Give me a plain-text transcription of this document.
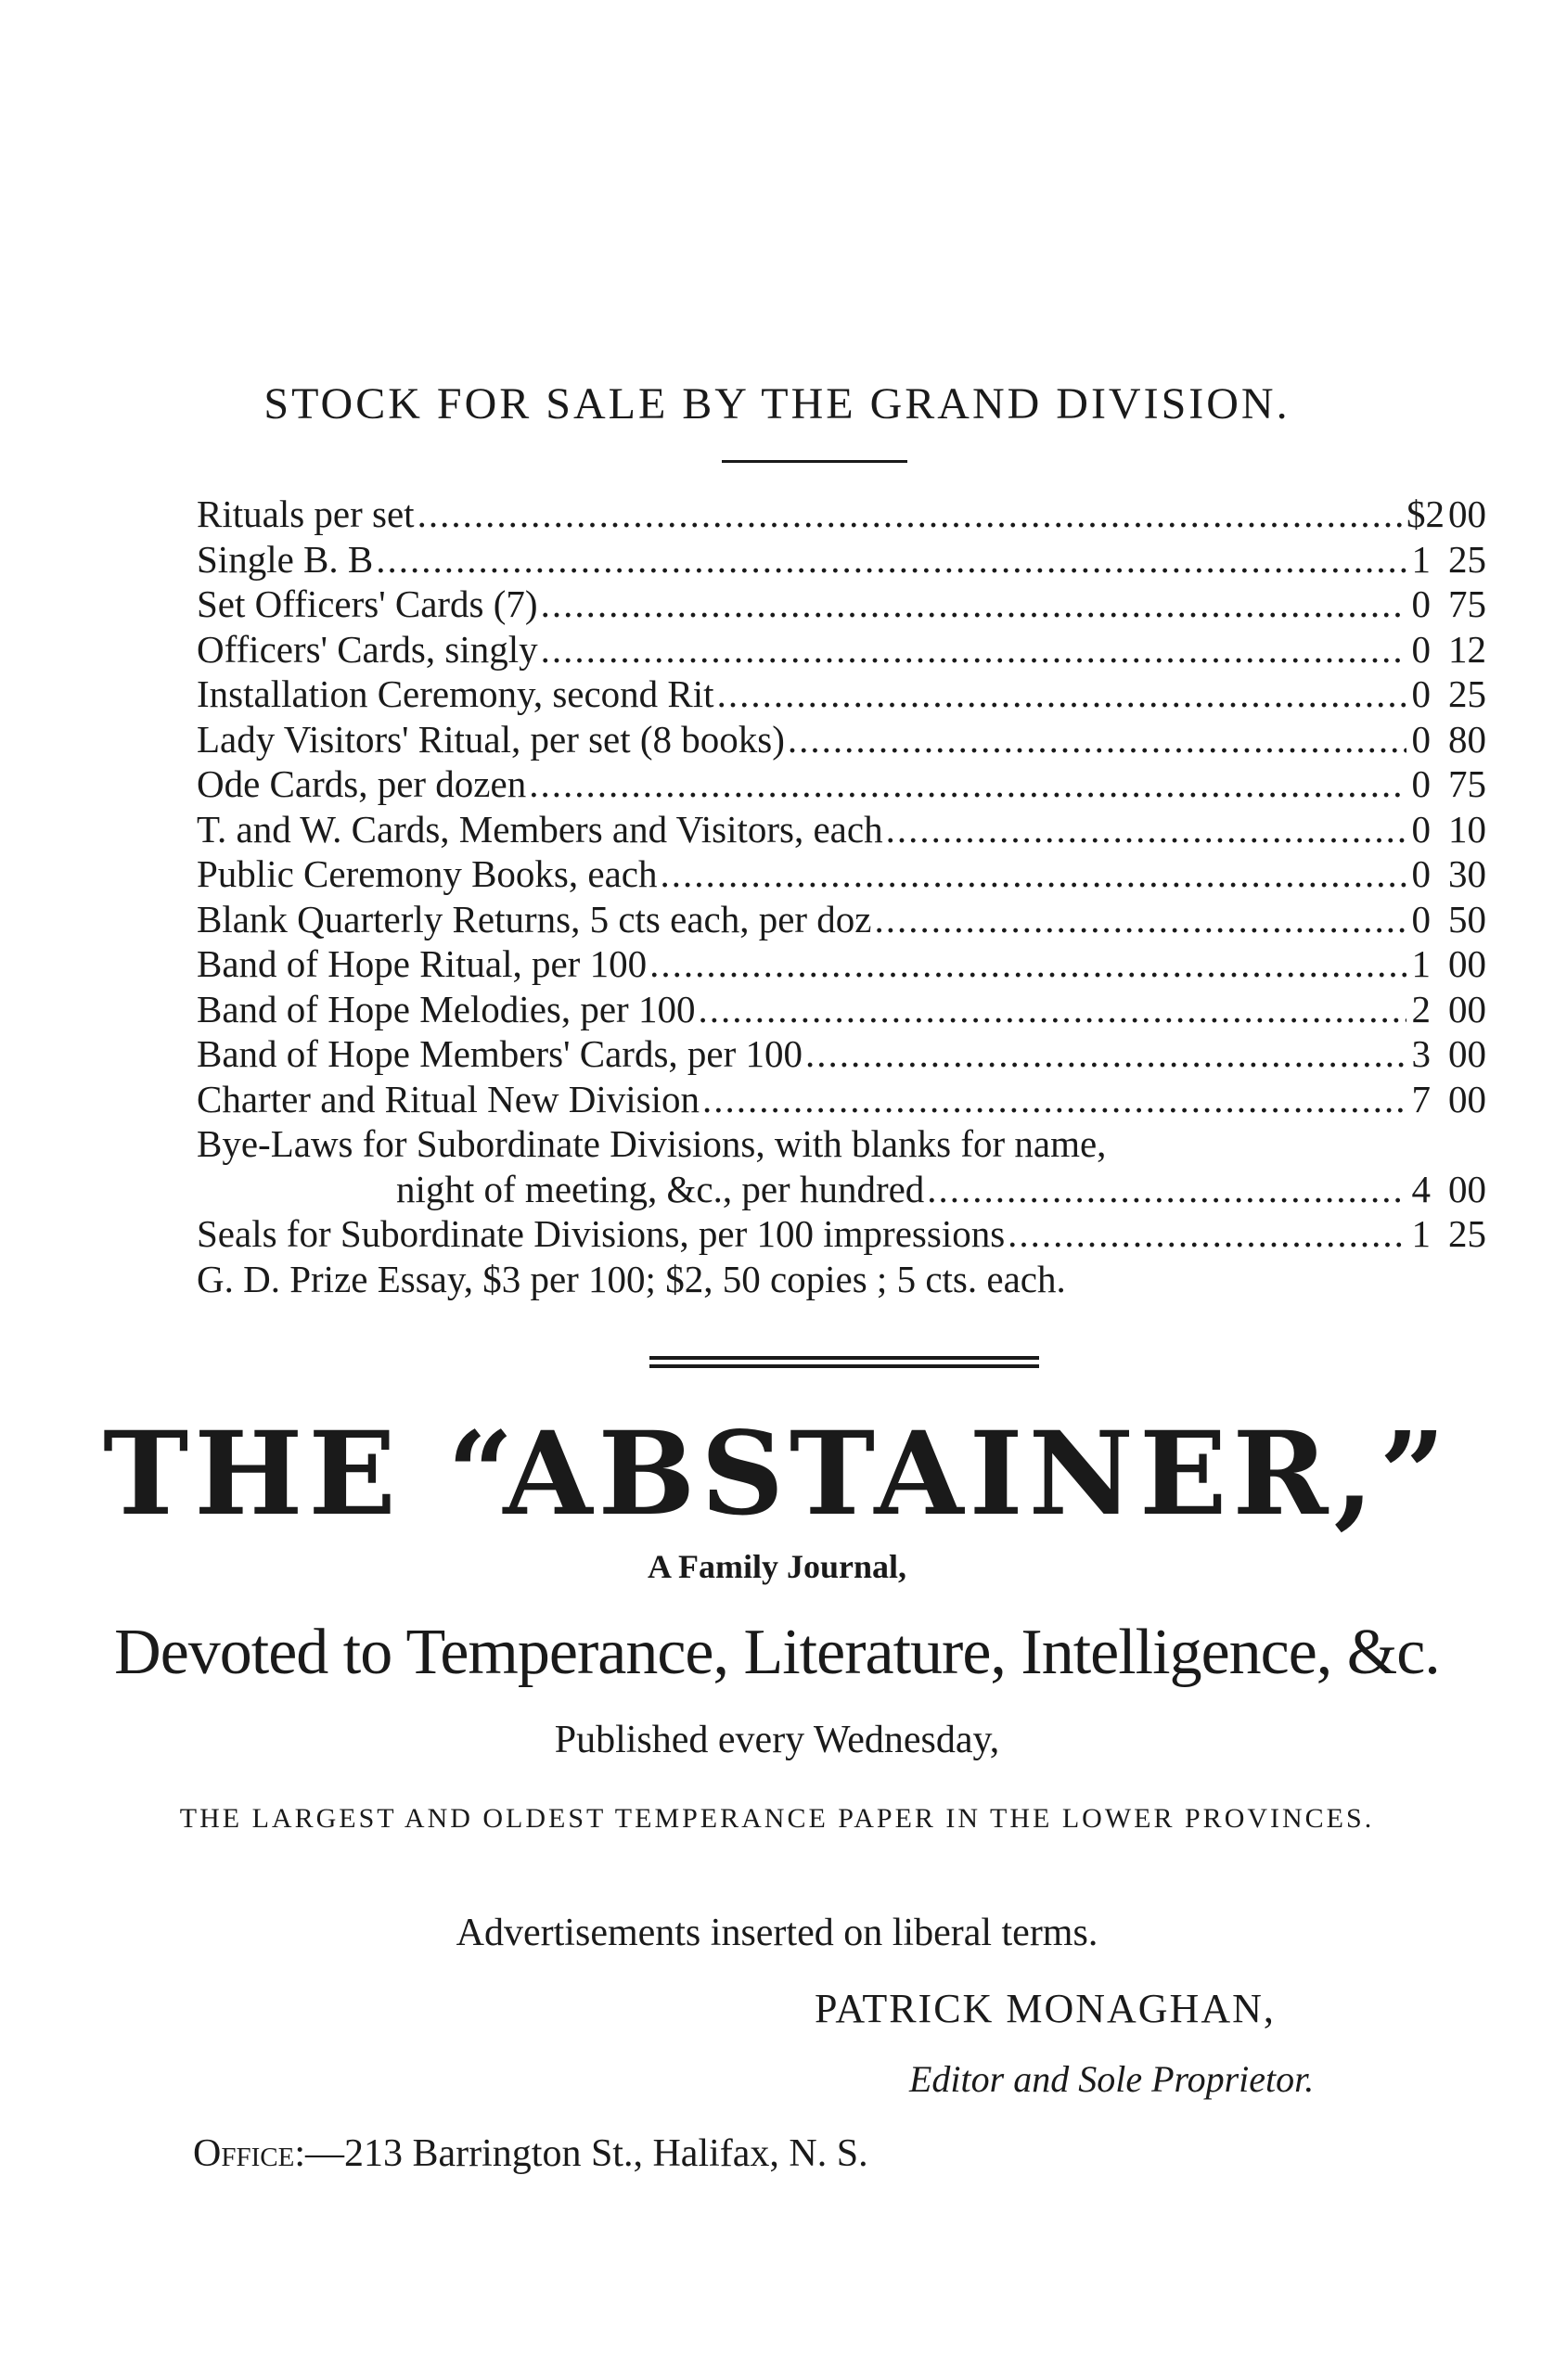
STOCK FOR SALE BY THE GRAND DIVISION.
Rituals per set .....	$2 00
Single B. B .....	1 25
Set Officers' Cards (7) .....	0 75
Officers' Cards, singly .....	0 12
Installation Ceremony, second Rit .....	0 25
Lady Visitors' Ritual, per set (8 books) .....	0 80
Ode Cards, per dozen .....	0 75
T. and W. Cards, Members and Visitors, each .....	0 10
Public Ceremony Books, each .....	0 30
Blank Quarterly Returns, 5 cts each, per doz .....	0 50
Band of Hope Ritual, per 100 .....	1 00
Band of Hope Melodies, per 100 .....	2 00
Band of Hope Members' Cards, per 100 .....	3 00
Charter and Ritual New Division .....	7 00
Bye-Laws for Subordinate Divisions, with blanks for name,
night of meeting, &c., per hundred .....	4 00
Seals for Subordinate Divisions, per 100 impressions .....	1 25
G. D. Prize Essay, $3 per 100; $2, 50 copies ; 5 cts. each.
THE “ABSTAINER,”
A Family Journal,
Devoted to Temperance, Literature, Intelligence, &c.
Published every Wednesday,
THE LARGEST AND OLDEST TEMPERANCE PAPER IN THE LOWER PROVINCES.
Advertisements inserted on liberal terms.
PATRICK MONAGHAN,
Editor and Sole Proprietor.
Office:—213 Barrington St., Halifax, N. S.
